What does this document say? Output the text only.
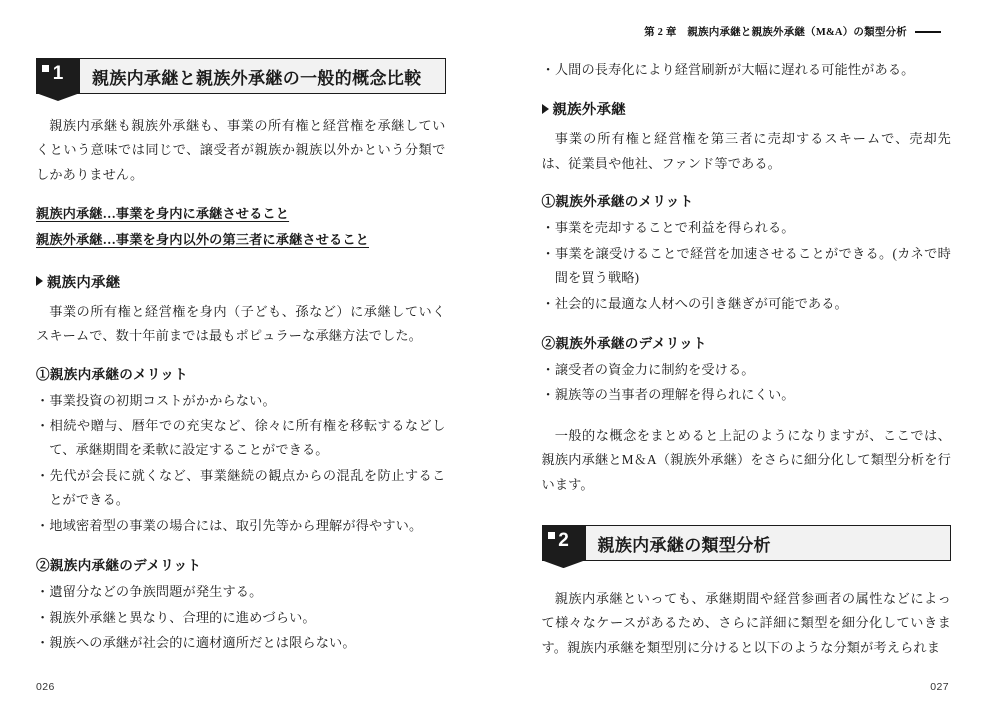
第 2 章　親族内承継と親族外承継（M&A）の類型分析
1	親族内承継と親族外承継の一般的概念比較

親族内承継も親族外承継も、事業の所有権と経営権を承継していくという意味では同じで、譲受者が親族か親族以外かという分類でしかありません。

親族内承継…事業を身内に承継させること
親族外承継…事業を身内以外の第三者に承継させること
親族内承継

事業の所有権と経営権を身内（子ども、孫など）に承継していくスキームで、数十年前までは最もポピュラーな承継方法でした。

①親族内承継のメリット
・ 事業投資の初期コストがかからない。
・ 相続や贈与、暦年での充実など、徐々に所有権を移転するなどして、承継期間を柔軟に設定することができる。
・ 先代が会長に就くなど、事業継続の観点からの混乱を防止することができる。
・ 地域密着型の事業の場合には、取引先等から理解が得やすい。
②親族内承継のデメリット
・ 遺留分などの争族問題が発生する。
・ 親族外承継と異なり、合理的に進めづらい。
・ 親族への承継が社会的に適材適所だとは限らない。
026
・ 人間の長寿化により経営刷新が大幅に遅れる可能性がある。
親族外承継

事業の所有権と経営権を第三者に売却するスキームで、売却先は、従業員や他社、ファンド等である。

①親族外承継のメリット
・ 事業を売却することで利益を得られる。
・ 事業を譲受けることで経営を加速させることができる。(カネで時間を買う戦略)
・ 社会的に最適な人材への引き継ぎが可能である。
②親族外承継のデメリット
・ 譲受者の資金力に制約を受ける。
・ 親族等の当事者の理解を得られにくい。

一般的な概念をまとめると上記のようになりますが、ここでは、親族内承継とM＆A（親族外承継）をさらに細分化して類型分析を行います。

2	親族内承継の類型分析

親族内承継といっても、承継期間や経営参画者の属性などによって様々なケースがあるため、さらに詳細に類型を細分化していきます。親族内承継を類型別に分けると以下のような分類が考えられま

027
